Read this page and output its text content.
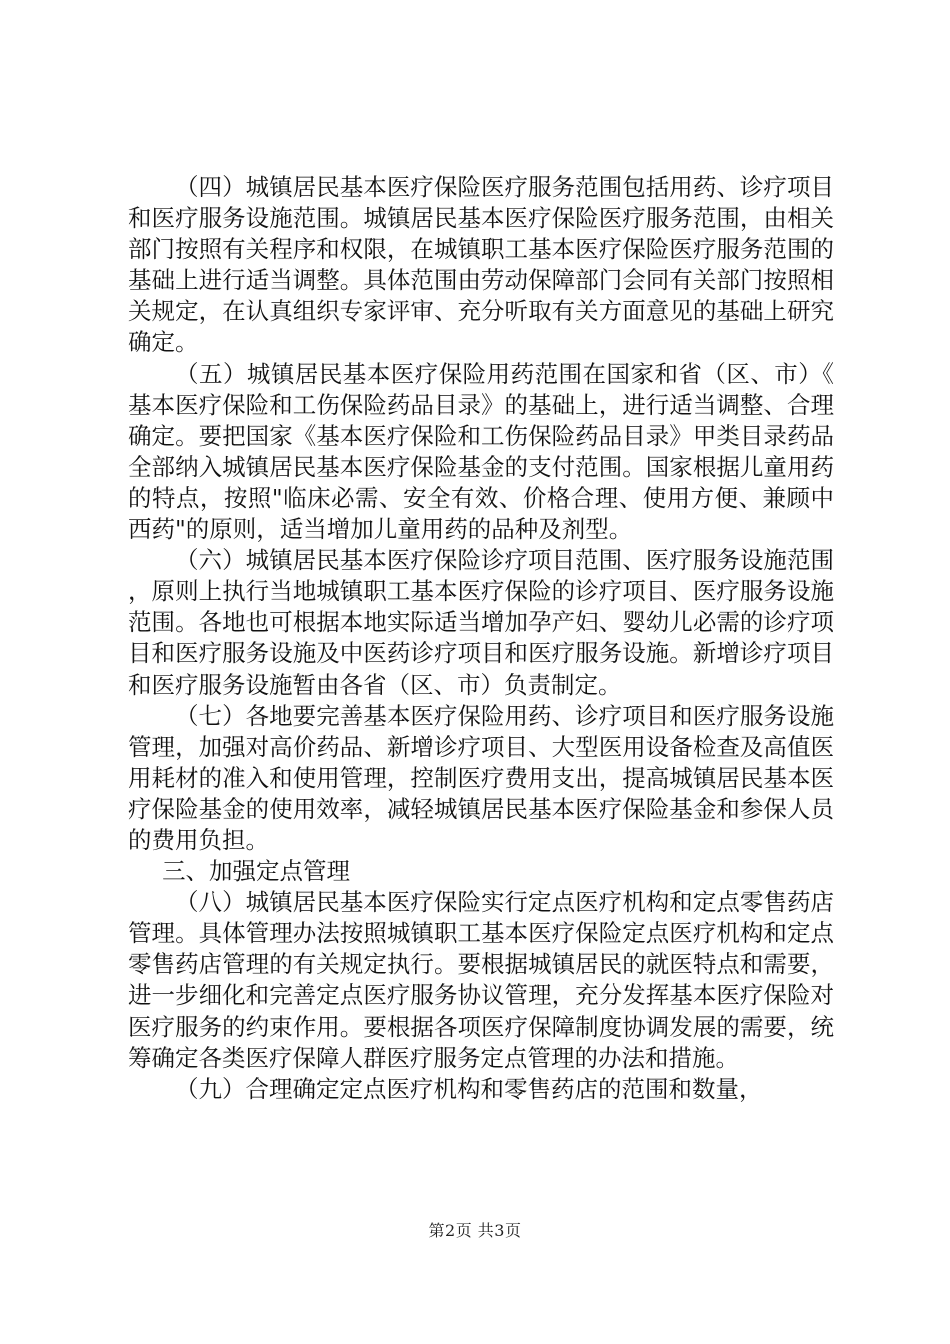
（四）城镇居民基本医疗保险医疗服务范围包括用药、诊疗项目和医疗服务设施范围。城镇居民基本医疗保险医疗服务范围，由相关部门按照有关程序和权限，在城镇职工基本医疗保险医疗服务范围的基础上进行适当调整。具体范围由劳动保障部门会同有关部门按照相关规定，在认真组织专家评审、充分听取有关方面意见的基础上研究确定。

（五）城镇居民基本医疗保险用药范围在国家和省（区、市）《基本医疗保险和工伤保险药品目录》的基础上，进行适当调整、合理确定。要把国家《基本医疗保险和工伤保险药品目录》甲类目录药品全部纳入城镇居民基本医疗保险基金的支付范围。国家根据儿童用药的特点，按照"临床必需、安全有效、价格合理、使用方便、兼顾中西药"的原则，适当增加儿童用药的品种及剂型。

（六）城镇居民基本医疗保险诊疗项目范围、医疗服务设施范围，原则上执行当地城镇职工基本医疗保险的诊疗项目、医疗服务设施范围。各地也可根据本地实际适当增加孕产妇、婴幼儿必需的诊疗项目和医疗服务设施及中医药诊疗项目和医疗服务设施。新增诊疗项目和医疗服务设施暂由各省（区、市）负责制定。

（七）各地要完善基本医疗保险用药、诊疗项目和医疗服务设施管理，加强对高价药品、新增诊疗项目、大型医用设备检查及高值医用耗材的准入和使用管理，控制医疗费用支出，提高城镇居民基本医疗保险基金的使用效率，减轻城镇居民基本医疗保险基金和参保人员的费用负担。

三、加强定点管理

（八）城镇居民基本医疗保险实行定点医疗机构和定点零售药店管理。具体管理办法按照城镇职工基本医疗保险定点医疗机构和定点零售药店管理的有关规定执行。要根据城镇居民的就医特点和需要，进一步细化和完善定点医疗服务协议管理，充分发挥基本医疗保险对医疗服务的约束作用。要根据各项医疗保障制度协调发展的需要，统筹确定各类医疗保障人群医疗服务定点管理的办法和措施。

（九）合理确定定点医疗机构和零售药店的范围和数量，

第2页 共3页
